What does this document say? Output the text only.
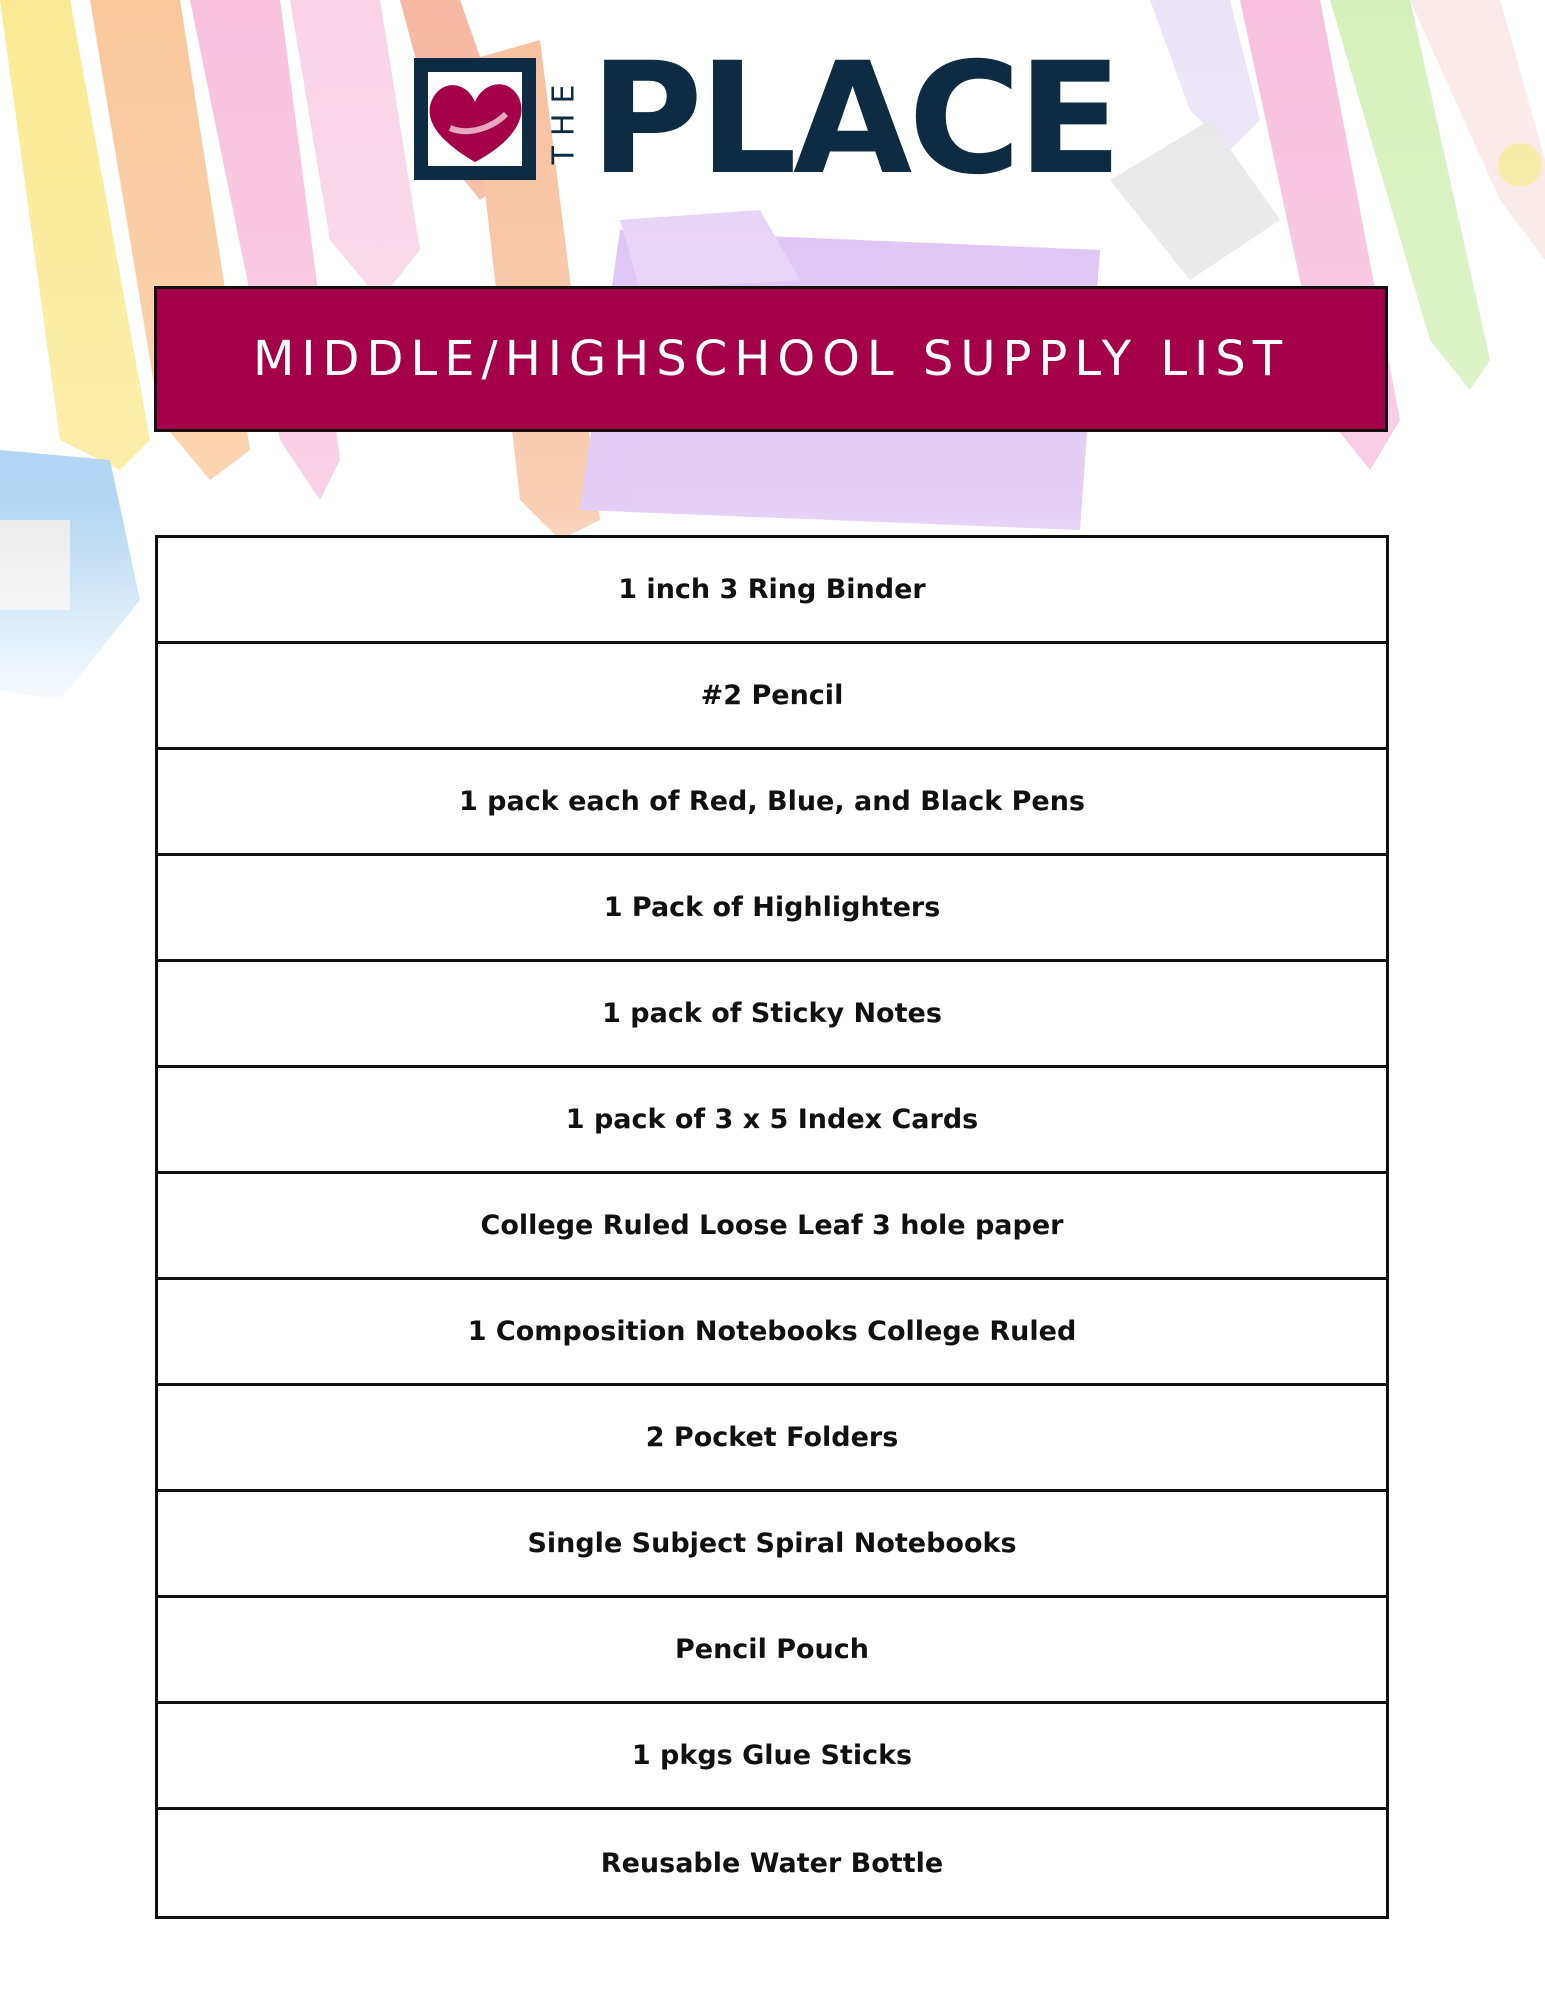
THE PLACE
MIDDLE/HIGHSCHOOL SUPPLY LIST
1 inch 3 Ring Binder
#2 Pencil
1 pack each of Red, Blue, and Black Pens
1 Pack of Highlighters
1 pack of Sticky Notes
1 pack of 3 x 5 Index Cards
College Ruled Loose Leaf 3 hole paper
1 Composition Notebooks College Ruled
2 Pocket Folders
Single Subject Spiral Notebooks
Pencil Pouch
1 pkgs Glue Sticks
Reusable Water Bottle
